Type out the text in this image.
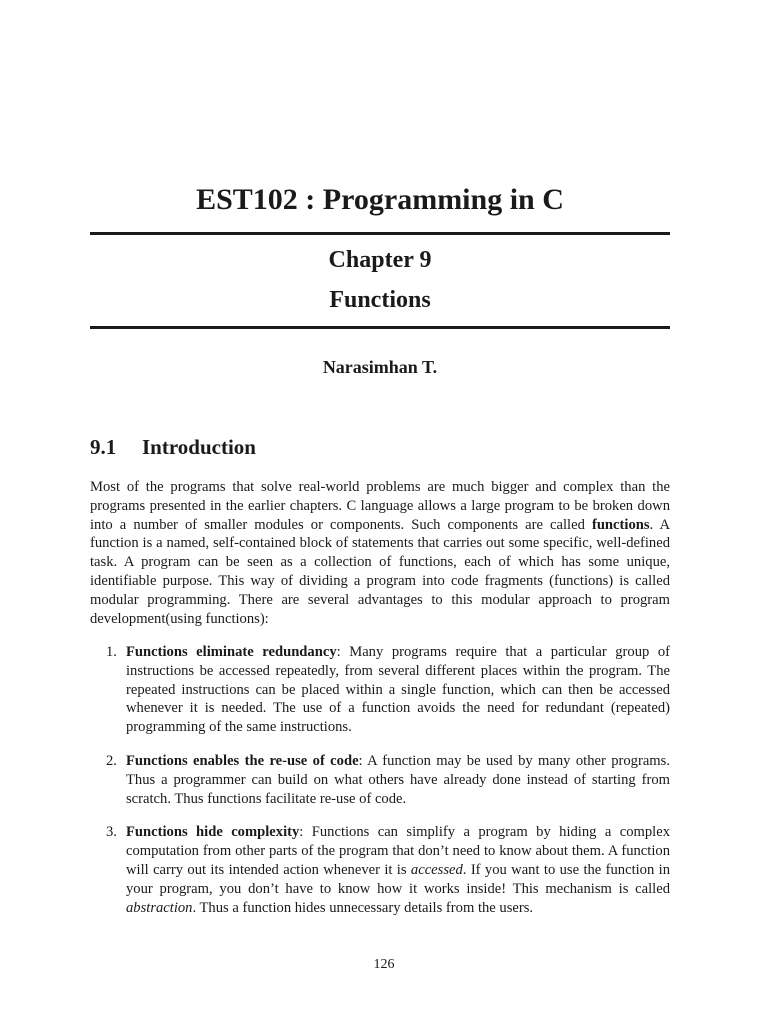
EST102 : Programming in C
Chapter 9
Functions
Narasimhan T.
9.1 Introduction
Most of the programs that solve real-world problems are much bigger and complex than the programs presented in the earlier chapters. C language allows a large program to be broken down into a number of smaller modules or components. Such components are called functions. A function is a named, self-contained block of statements that carries out some specific, well-defined task. A program can be seen as a collection of functions, each of which has some unique, identifiable purpose. This way of dividing a program into code fragments (functions) is called modular programming. There are several advantages to this modular approach to program development(using functions):
1. Functions eliminate redundancy: Many programs require that a particular group of instructions be accessed repeatedly, from several different places within the program. The repeated instructions can be placed within a single function, which can then be accessed whenever it is needed. The use of a function avoids the need for redundant (repeated) programming of the same instructions.
2. Functions enables the re-use of code: A function may be used by many other programs. Thus a programmer can build on what others have already done instead of starting from scratch. Thus functions facilitate re-use of code.
3. Functions hide complexity: Functions can simplify a program by hiding a complex computation from other parts of the program that don’t need to know about them. A function will carry out its intended action whenever it is accessed. If you want to use the function in your program, you don’t have to know how it works inside! This mechanism is called abstraction. Thus a function hides unnecessary details from the users.
126
